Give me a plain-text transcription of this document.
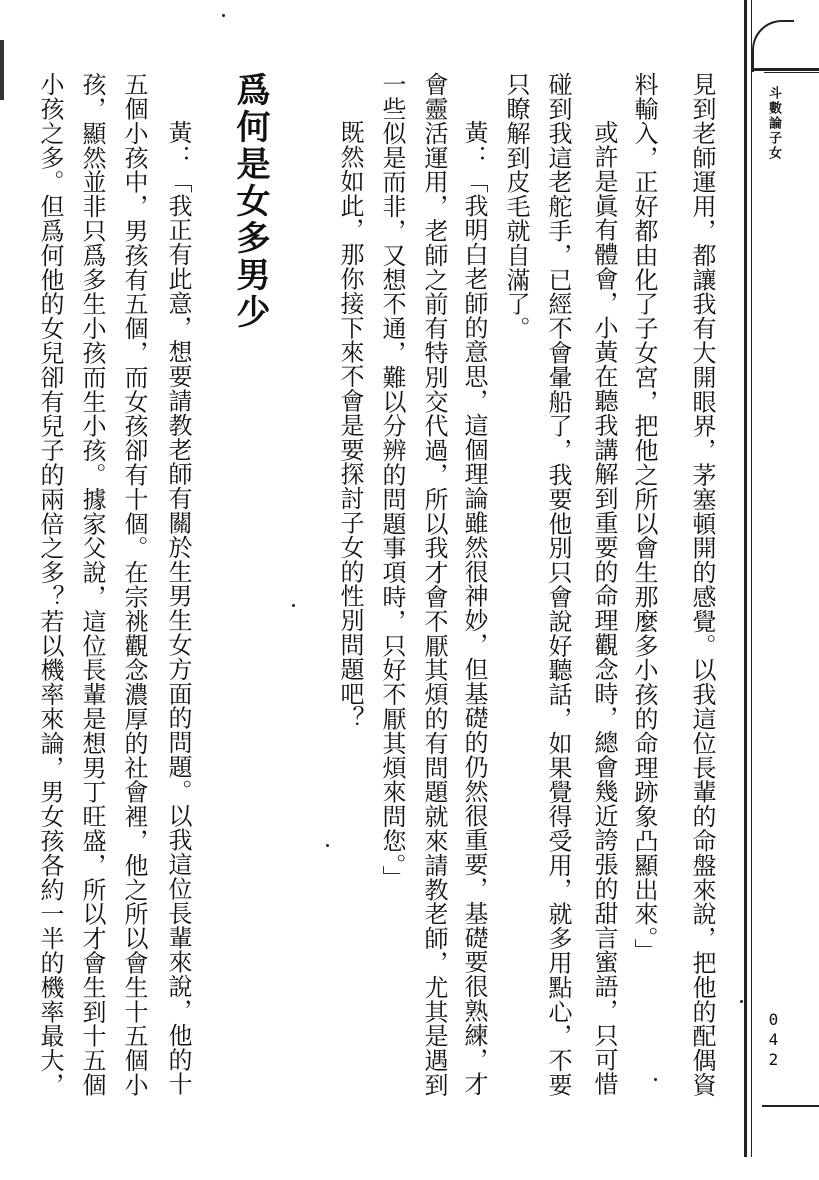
斗數論子女
042
見到老師運用，都讓我有大開眼界，茅塞頓開的感覺。以我這位長輩的命盤來說，把他的配偶資
料輸入，正好都由化了子女宮，把他之所以會生那麼多小孩的命理跡象凸顯出來。」
或許是眞有體會，小黃在聽我講解到重要的命理觀念時，總會幾近誇張的甜言蜜語，只可惜
碰到我這老舵手，已經不會暈船了，我要他別只會說好聽話，如果覺得受用，就多用點心，不要
只瞭解到皮毛就自滿了。
黃：「我明白老師的意思，這個理論雖然很神妙，但基礎的仍然很重要，基礎要很熟練，才
會靈活運用，老師之前有特別交代過，所以我才會不厭其煩的有問題就來請教老師，尤其是遇到
一些似是而非，又想不通，難以分辨的問題事項時，只好不厭其煩來問您。」
既然如此，那你接下來不會是要探討子女的性別問題吧？
爲何是女多男少
黃：「我正有此意，想要請教老師有關於生男生女方面的問題。以我這位長輩來說，他的十
五個小孩中，男孩有五個，而女孩卻有十個。在宗祧觀念濃厚的社會裡，他之所以會生十五個小
孩，顯然並非只爲多生小孩而生小孩。據家父說，這位長輩是想男丁旺盛，所以才會生到十五個
小孩之多。但爲何他的女兒卻有兒子的兩倍之多？若以機率來論，男女孩各約一半的機率最大，
